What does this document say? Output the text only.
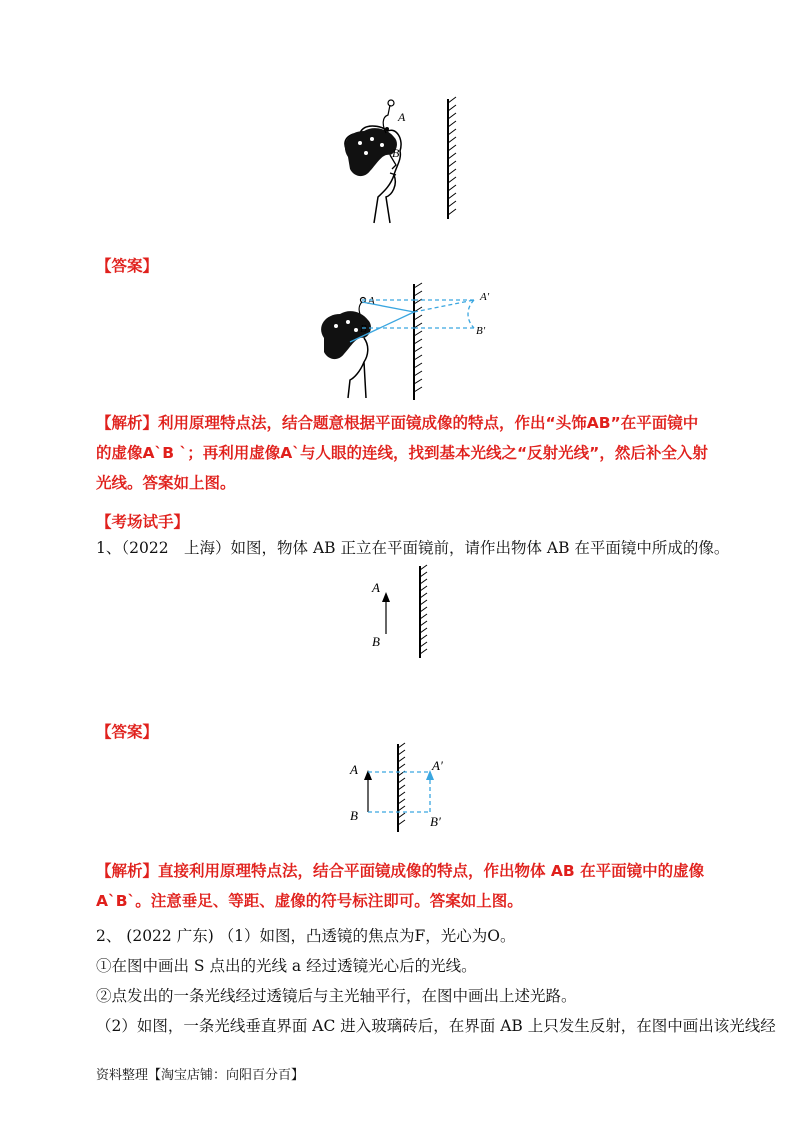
A
B
【答案】
A
B
A′
B′
【解析】利用原理特点法，结合题意根据平面镜成像的特点，作出“头饰AB”在平面镜中的虚像A`B `；再利用虚像A`与人眼的连线，找到基本光线之“反射光线”，然后补全入射光线。答案如上图。
【考场试手】
1、（2022　上海）如图，物体 AB 正立在平面镜前，请作出物体 AB 在平面镜中所成的像。
A
B
【答案】
A
B
A′
B′
【解析】直接利用原理特点法，结合平面镜成像的特点，作出物体 AB 在平面镜中的虚像 A`B`。注意垂足、等距、虚像的符号标注即可。答案如上图。
2、 (2022 广东) （1）如图，凸透镜的焦点为F，光心为O。
①在图中画出 S 点出的光线 a 经过透镜光心后的光线。
②点发出的一条光线经过透镜后与主光轴平行，在图中画出上述光路。
（2）如图，一条光线垂直界面 AC 进入玻璃砖后，在界面 AB 上只发生反射，在图中画出该光线经
资料整理【淘宝店铺：向阳百分百】
